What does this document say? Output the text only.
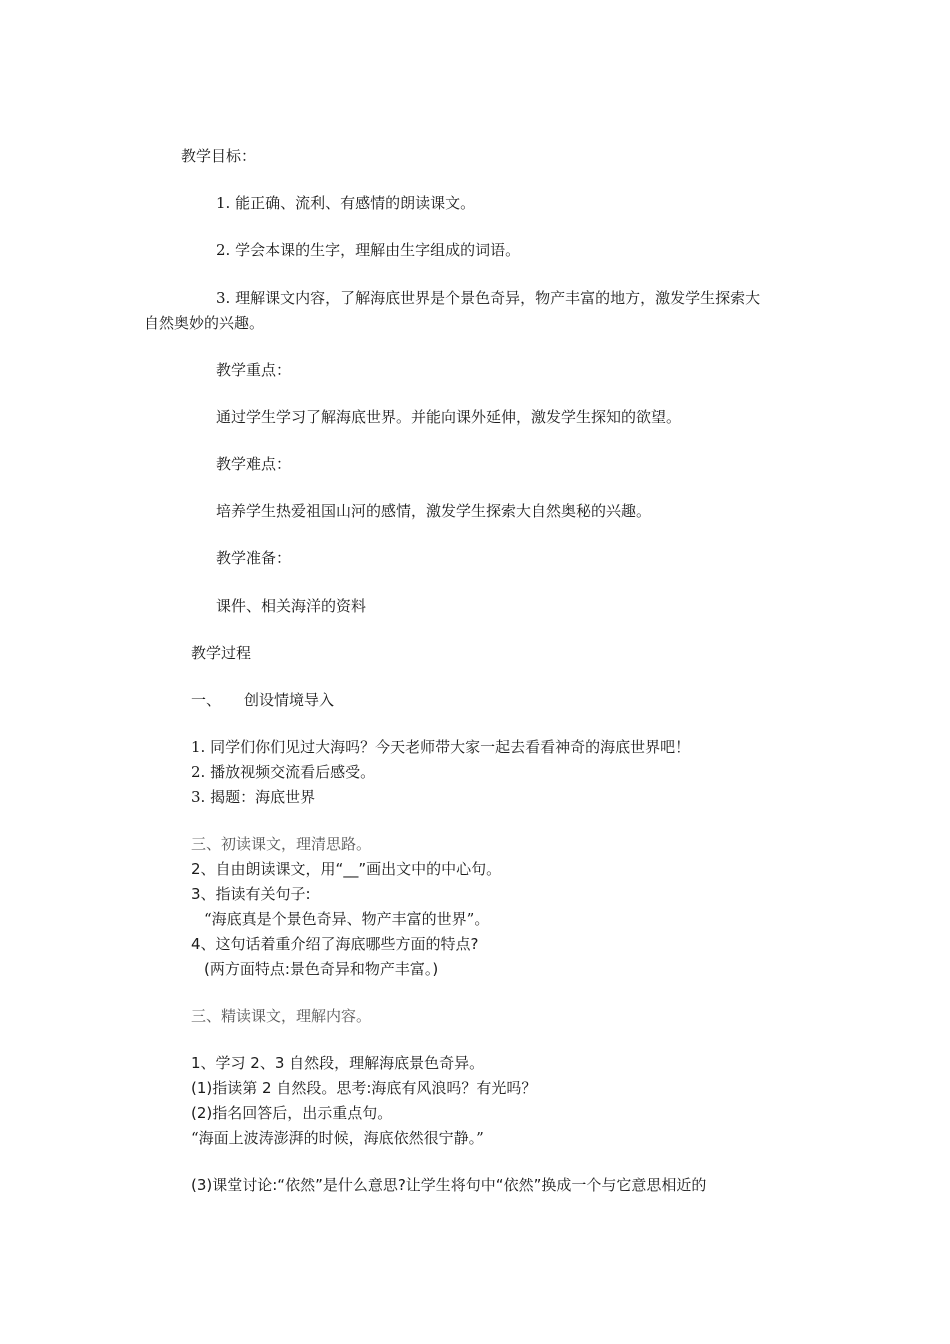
教学目标：
1. 能正确、流利、有感情的朗读课文。
2. 学会本课的生字，理解由生字组成的词语。
3. 理解课文内容，了解海底世界是个景色奇异，物产丰富的地方，激发学生探索大
自然奥妙的兴趣。
教学重点：
通过学生学习了解海底世界。并能向课外延伸，激发学生探知的欲望。
教学难点：
培养学生热爱祖国山河的感情，激发学生探索大自然奥秘的兴趣。
教学准备：
课件、相关海洋的资料
教学过程
一、 创设情境导入
1. 同学们你们见过大海吗？今天老师带大家一起去看看神奇的海底世界吧！
2. 播放视频交流看后感受。
3. 揭题：海底世界
三、初读课文，理清思路。
2、自由朗读课文，用“__”画出文中的中心句。
3、指读有关句子:
“海底真是个景色奇异、物产丰富的世界”。
4、这句话着重介绍了海底哪些方面的特点?
(两方面特点:景色奇异和物产丰富。)
三、精读课文，理解内容。
1、学习 2、3 自然段，理解海底景色奇异。
(1)指读第 2 自然段。思考:海底有风浪吗？有光吗？
(2)指名回答后，出示重点句。
“海面上波涛澎湃的时候，海底依然很宁静。”
(3)课堂讨论:“依然”是什么意思?让学生将句中“依然”换成一个与它意思相近的
